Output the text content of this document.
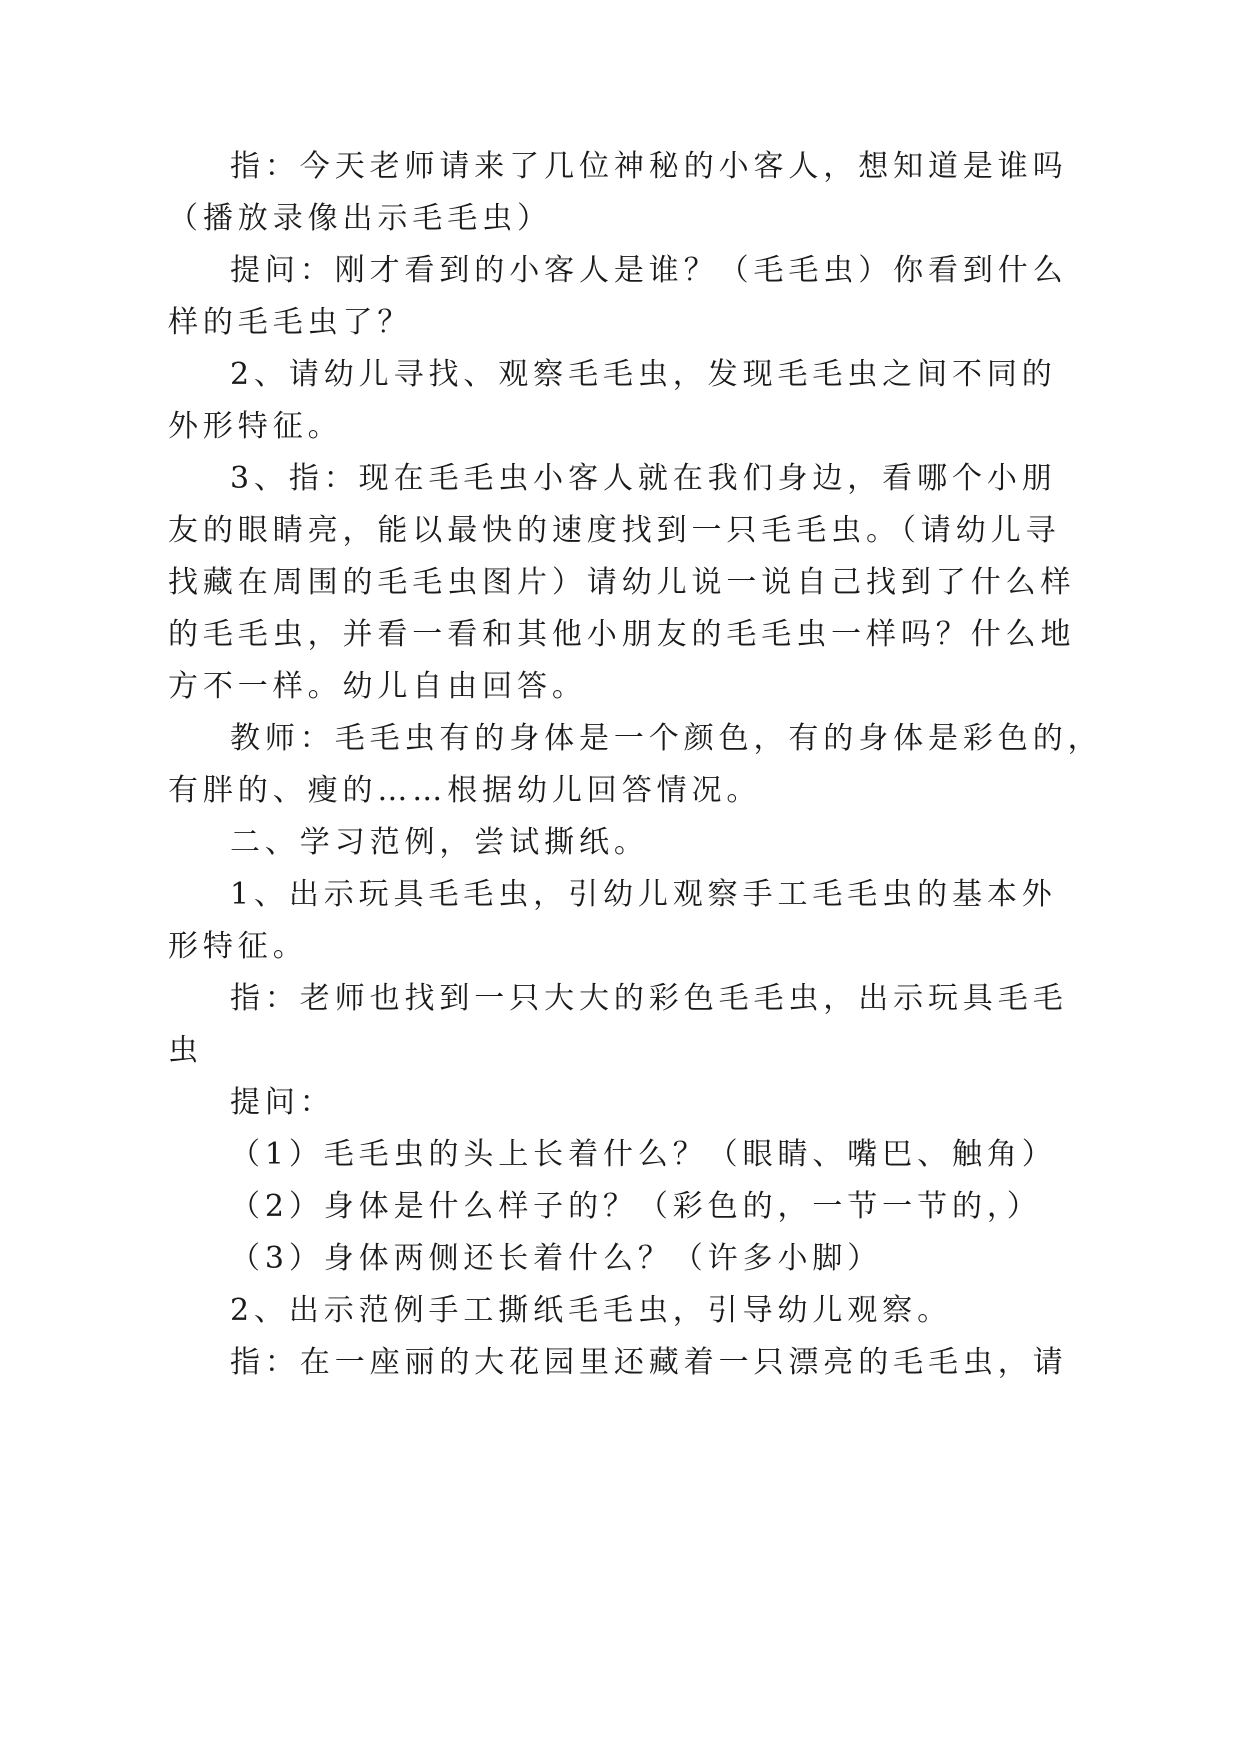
指：今天老师请来了几位神秘的小客人，想知道是谁吗
（播放录像出示毛毛虫）
提问：刚才看到的小客人是谁？（毛毛虫）你看到什么
样的毛毛虫了？
2、请幼儿寻找、观察毛毛虫，发现毛毛虫之间不同的
外形特征。
3、指：现在毛毛虫小客人就在我们身边，看哪个小朋
友的眼睛亮，能以最快的速度找到一只毛毛虫。（请幼儿寻
找藏在周围的毛毛虫图片）请幼儿说一说自己找到了什么样
的毛毛虫，并看一看和其他小朋友的毛毛虫一样吗？什么地
方不一样。幼儿自由回答。
教师：毛毛虫有的身体是一个颜色，有的身体是彩色的，
有胖的、瘦的……根据幼儿回答情况。
二、学习范例，尝试撕纸。
1、出示玩具毛毛虫，引幼儿观察手工毛毛虫的基本外
形特征。
指：老师也找到一只大大的彩色毛毛虫，出示玩具毛毛
虫
提问：
（1）毛毛虫的头上长着什么？（眼睛、嘴巴、触角）
（2）身体是什么样子的？（彩色的，一节一节的，）
（3）身体两侧还长着什么？（许多小脚）
2、出示范例手工撕纸毛毛虫，引导幼儿观察。
指：在一座丽的大花园里还藏着一只漂亮的毛毛虫，请
